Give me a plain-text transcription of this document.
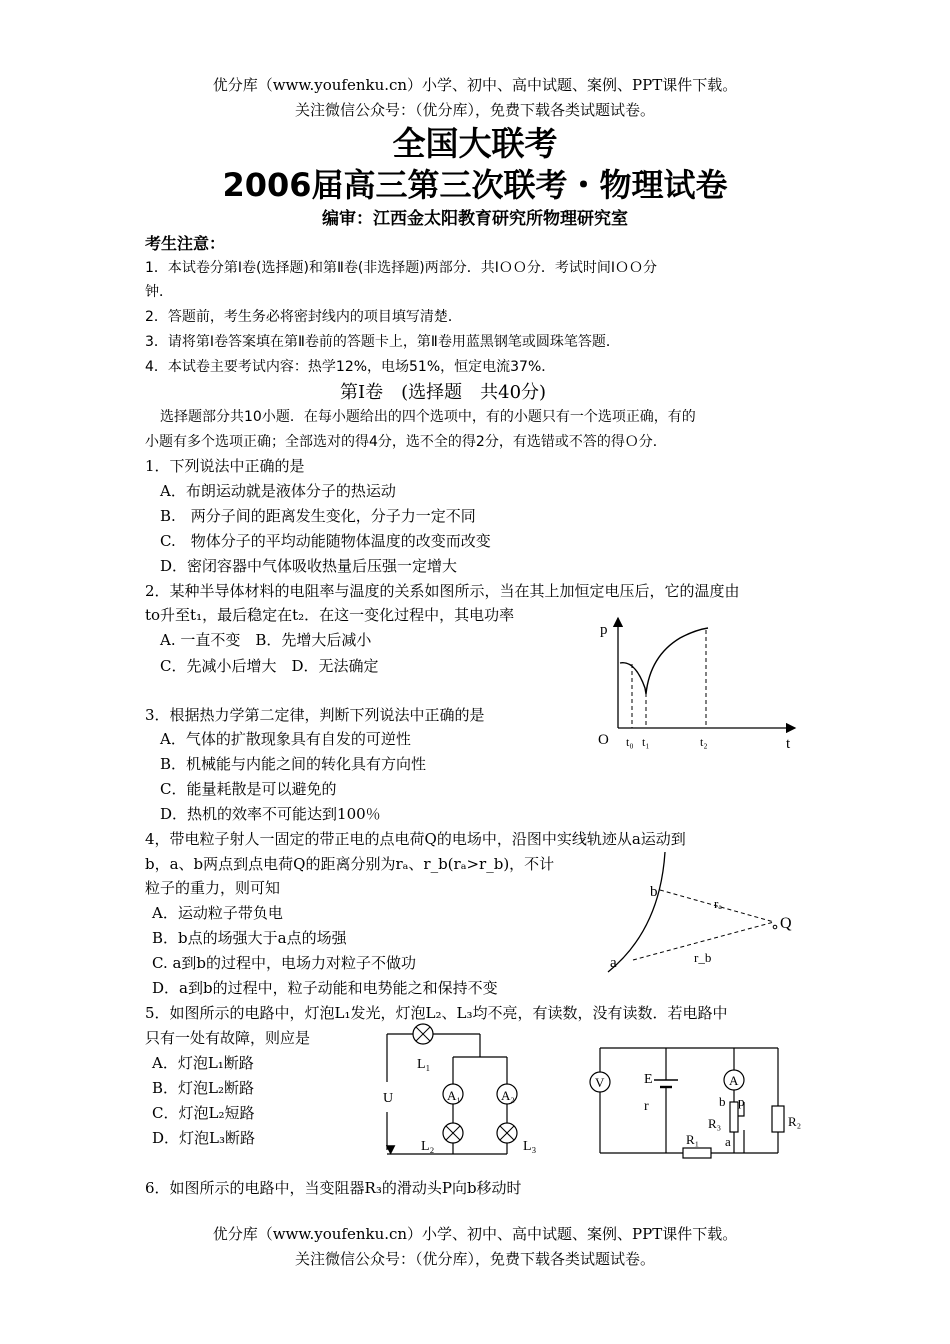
优分库（www.youfenku.cn）小学、初中、高中试题、案例、PPT课件下载。
关注微信公众号：（优分库），免费下载各类试题试卷。
全国大联考
2006届高三第三次联考・物理试卷
编审：江西金太阳教育研究所物理研究室
考生注意：
1．本试卷分第Ⅰ卷(选择题)和第Ⅱ卷(非选择题)两部分．共ⅠＯＯ分．考试时间ⅠＯＯ分
钟．
2．答题前，考生务必将密封线内的项目填写清楚．
3．请将第Ⅰ卷答案填在第Ⅱ卷前的答题卡上，第Ⅱ卷用蓝黑钢笔或圆珠笔答题．
4．本试卷主要考试内容：热学12%，电场51%，恒定电流37%．
第Ⅰ卷　(选择题　共40分)
选择题部分共10小题．在每小题给出的四个选项中，有的小题只有一个选项正确，有的
小题有多个选项正确；全部选对的得4分，选不全的得2分，有选错或不答的得Ｏ分．
1．下列说法中正确的是
A．布朗运动就是液体分子的热运动
B.　两分子间的距离发生变化，分子力一定不同
C.　物体分子的平均动能随物体温度的改变而改变
D．密闭容器中气体吸收热量后压强一定增大
2．某种半导体材料的电阻率与温度的关系如图所示，当在其上加恒定电压后，它的温度由
to升至t₁，最后稳定在t₂．在这一变化过程中，其电功率
A. 一直不变　B．先增大后减小
C．先减小后增大　D．无法确定
p
O t₀ t₁	t₂	t
3．根据热力学第二定律，判断下列说法中正确的是
A．气体的扩散现象具有自发的可逆性
B．机械能与内能之间的转化具有方向性
C．能量耗散是可以避免的
D．热机的效率不可能达到100％
4，带电粒子射人一固定的带正电的点电荷Q的电场中，沿图中实线轨迹从a运动到
b，a、b两点到点电荷Q的距离分别为rₐ、r_b(rₐ>r_b)，不计
粒子的重力，则可知
A．运动粒子带负电
B．b点的场强大于a点的场强
C. a到b的过程中，电场力对粒子不做功
D．a到b的过程中，粒子动能和电势能之和保持不变
b
rₐ
Q
a	r_b
5．如图所示的电路中，灯泡L₁发光，灯泡L₂、L₃均不亮，有读数，没有读数．若电路中
只有一处有故障，则应是
A．灯泡L₁断路
B．灯泡L₂断路
C．灯泡L₂短路
D．灯泡L₃断路
L₁
A₁	A₂
U
L₂	L₃
V	E
r
A
b p
R₃
a
R₁
R₂
6．如图所示的电路中，当变阻器R₃的滑动头P向b移动时
优分库（www.youfenku.cn）小学、初中、高中试题、案例、PPT课件下载。
关注微信公众号：（优分库），免费下载各类试题试卷。
